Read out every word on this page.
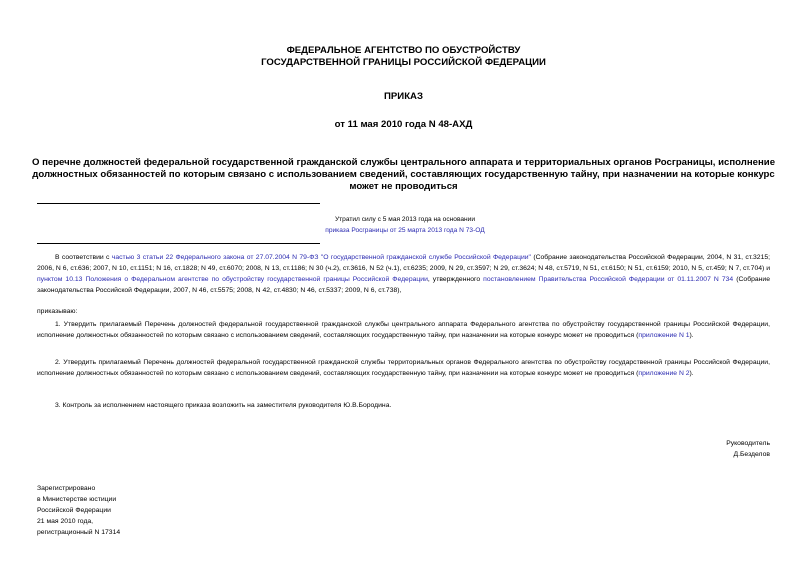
ФЕДЕРАЛЬНОЕ АГЕНТСТВО ПО ОБУСТРОЙСТВУ
ГОСУДАРСТВЕННОЙ ГРАНИЦЫ РОССИЙСКОЙ ФЕДЕРАЦИИ
ПРИКАЗ
от 11 мая 2010 года N 48-АХД
О перечне должностей федеральной государственной гражданской службы центрального аппарата и территориальных органов Росграницы, исполнение должностных обязанностей по которым связано с использованием сведений, составляющих государственную тайну, при назначении на которые конкурс может не проводиться
Утратил силу с 5 мая 2013 года на основании
приказа Росграницы от 25 марта 2013 года N 73-ОД
В соответствии с частью 3 статьи 22 Федерального закона от 27.07.2004 N 79-ФЗ "О государственной гражданской службе Российской Федерации" (Собрание законодательства Российской Федерации, 2004, N 31, ст.3215; 2006, N 6, ст.636; 2007, N 10, ст.1151; N 16, ст.1828; N 49, ст.6070; 2008, N 13, ст.1186; N 30 (ч.2), ст.3616, N 52 (ч.1), ст.6235; 2009, N 29, ст.3597; N 29, ст.3624; N 48, ст.5719, N 51, ст.6150; N 51, ст.6159; 2010, N 5, ст.459; N 7, ст.704) и пунктом 10.13 Положения о Федеральном агентстве по обустройству государственной границы Российской Федерации, утвержденного постановлением Правительства Российской Федерации от 01.11.2007 N 734 (Собрание законодательства Российской Федерации, 2007, N 46, ст.5575; 2008, N 42, ст.4830; N 46, ст.5337; 2009, N 6, ст.738),
приказываю:
1. Утвердить прилагаемый Перечень должностей федеральной государственной гражданской службы центрального аппарата Федерального агентства по обустройству государственной границы Российской Федерации, исполнение должностных обязанностей по которым связано с использованием сведений, составляющих государственную тайну, при назначении на которые конкурс может не проводиться (приложение N 1).
2. Утвердить прилагаемый Перечень должностей федеральной государственной гражданской службы территориальных органов Федерального агентства по обустройству государственной границы Российской Федерации, исполнение должностных обязанностей по которым связано с использованием сведений, составляющих государственную тайну, при назначении на которые конкурс может не проводиться (приложение N 2).
3. Контроль за исполнением настоящего приказа возложить на заместителя руководителя Ю.В.Бородина.
Руководитель
Д.Безделов
Зарегистрировано
в Министерстве юстиции
Российской Федерации
21 мая 2010 года,
регистрационный N 17314
